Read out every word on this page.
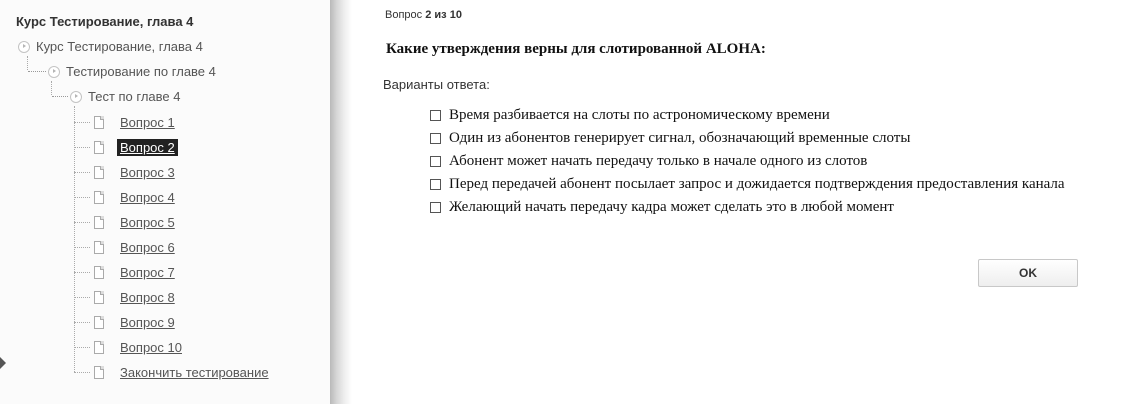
Курс Тестирование, глава 4
Курс Тестирование, глава 4
Тестирование по главе 4
Тест по главе 4
Вопрос 1
Вопрос 2
Вопрос 3
Вопрос 4
Вопрос 5
Вопрос 6
Вопрос 7
Вопрос 8
Вопрос 9
Вопрос 10
Закончить тестирование
Вопрос 2 из 10
Какие утверждения верны для слотированной ALOHA:
Варианты ответа:
Время разбивается на слоты по астрономическому времени
Один из абонентов генерирует сигнал, обозначающий временные слоты
Абонент может начать передачу только в начале одного из слотов
Перед передачей абонент посылает запрос и дожидается подтверждения предоставления канала
Желающий начать передачу кадра может сделать это в любой момент
OK
